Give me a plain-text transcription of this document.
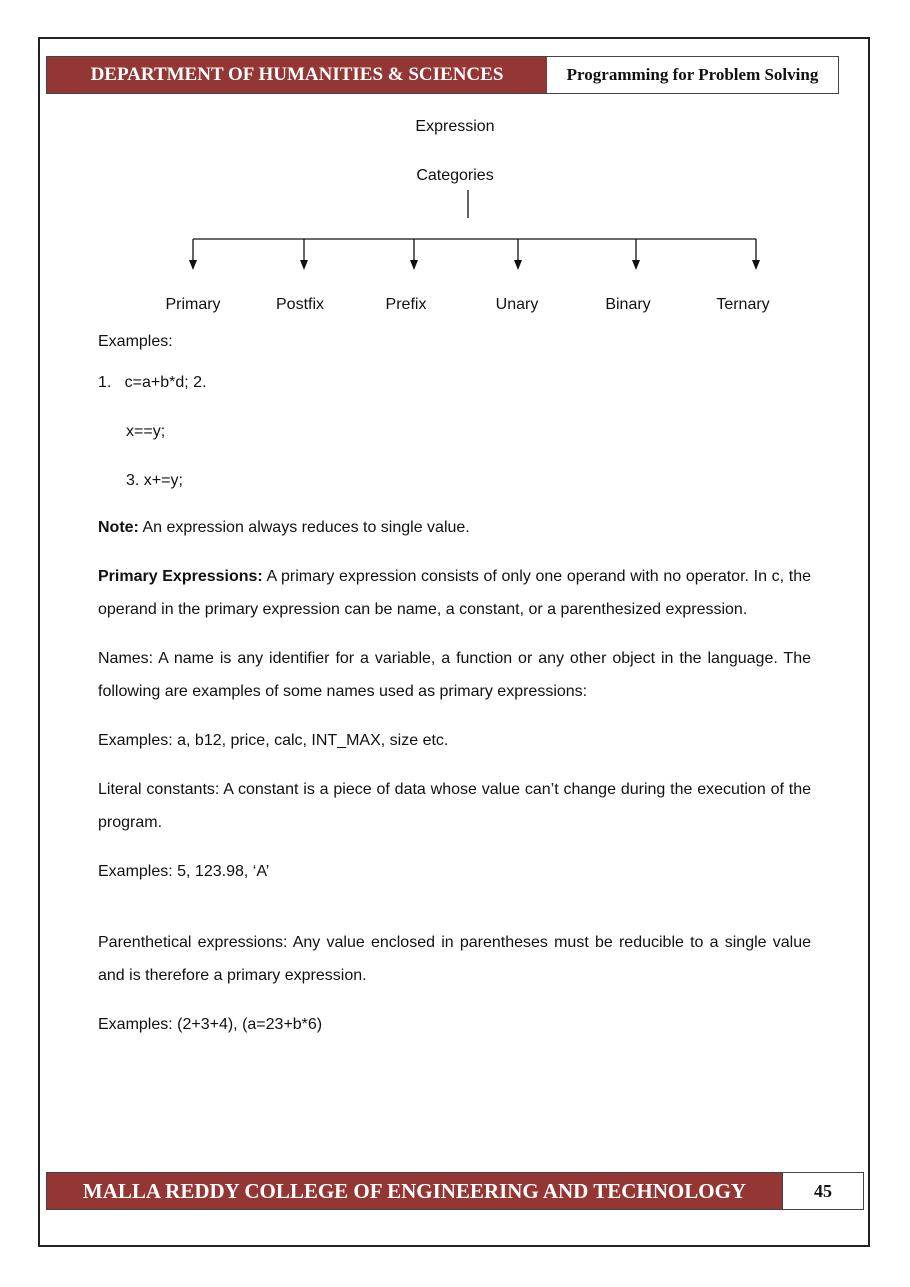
DEPARTMENT OF HUMANITIES & SCIENCES	Programming for Problem Solving
Expression
Categories
Primary	Postfix	Prefix	Unary	Binary	Ternary

Examples:

1.   c=a+b*d; 2.

x==y;

3. x+=y;

Note: An expression always reduces to single value.

Primary Expressions: A primary expression consists of only one operand with no operator. In c, the operand in the primary expression can be name, a constant, or a parenthesized expression.

Names: A name is any identifier for a variable, a function or any other object in the language. The following are examples of some names used as primary expressions:

Examples: a, b12, price, calc, INT_MAX, size etc.

Literal constants: A constant is a piece of data whose value can’t change during the execution of the program.

Examples: 5, 123.98, ‘A’

Parenthetical expressions: Any value enclosed in parentheses must be reducible to a single value and is therefore a primary expression.

Examples: (2+3+4), (a=23+b*6)

MALLA REDDY COLLEGE OF ENGINEERING AND TECHNOLOGY	45
